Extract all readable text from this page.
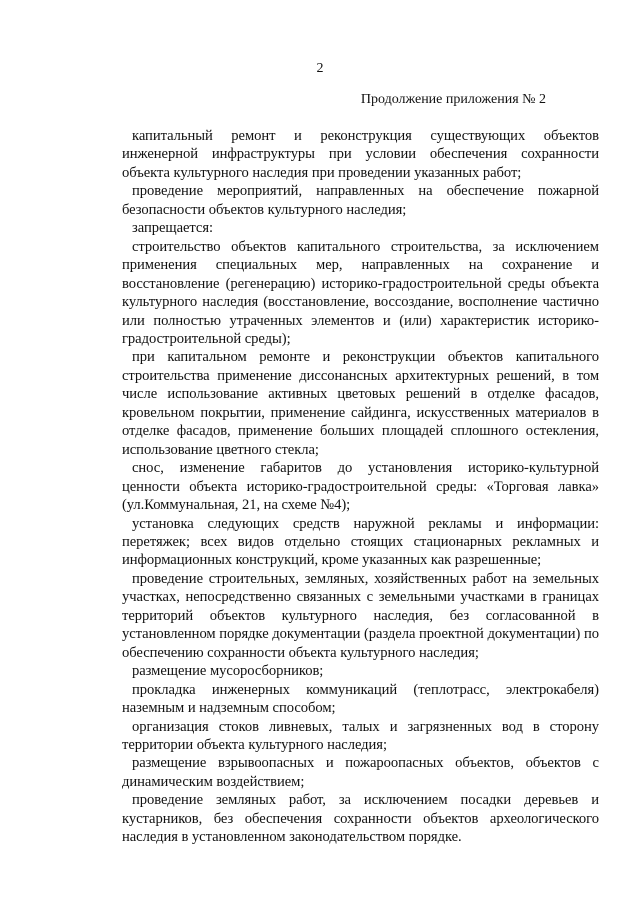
2

Продолжение приложения № 2

капитальный ремонт и реконструкция существующих объектов инженерной инфраструктуры при условии обеспечения сохранности объекта культурного наследия при проведении указанных работ;

проведение мероприятий, направленных на обеспечение пожарной безопасности объектов культурного наследия;

запрещается:

строительство объектов капитального строительства, за исключением применения специальных мер, направленных на сохранение и восстановление (регенерацию) историко-градостроительной среды объекта культурного наследия (восстановление, воссоздание, восполнение частично или полностью утраченных элементов и (или) характеристик историко-градостроительной среды);

при капитальном ремонте и реконструкции объектов капитального строительства применение диссонансных архитектурных решений, в том числе использование активных цветовых решений в отделке фасадов, кровельном покрытии, применение сайдинга, искусственных материалов в отделке фасадов, применение больших площадей сплошного остекления, использование цветного стекла;

снос, изменение габаритов до установления историко-культурной ценности объекта историко-градостроительной среды: «Торговая лавка» (ул.Коммунальная, 21, на схеме №4);

установка следующих средств наружной рекламы и информации: перетяжек; всех видов отдельно стоящих стационарных рекламных и информационных конструкций, кроме указанных как разрешенные;

проведение строительных, земляных, хозяйственных работ на земельных участках, непосредственно связанных с земельными участками в границах территорий объектов культурного наследия, без согласованной в установленном порядке документации (раздела проектной документации) по обеспечению сохранности объекта культурного наследия;

размещение мусоросборников;

прокладка инженерных коммуникаций (теплотрасс, электрокабеля) наземным и надземным способом;

организация стоков ливневых, талых и загрязненных вод в сторону территории объекта культурного наследия;

размещение взрывоопасных и пожароопасных объектов, объектов с динамическим воздействием;

проведение земляных работ, за исключением посадки деревьев и кустарников, без обеспечения сохранности объектов археологического наследия в установленном законодательством порядке.
